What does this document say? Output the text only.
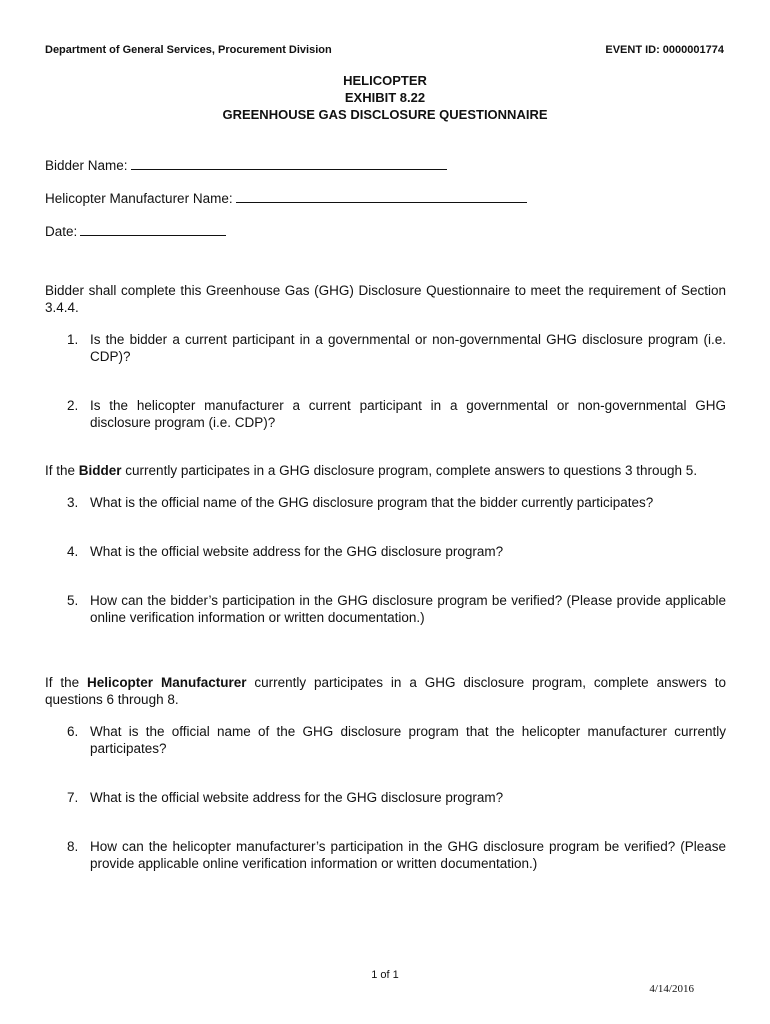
Department of General Services, Procurement Division	EVENT ID: 0000001774
HELICOPTER
EXHIBIT 8.22
GREENHOUSE GAS DISCLOSURE QUESTIONNAIRE
Bidder Name:
Helicopter Manufacturer Name:
Date:
Bidder shall complete this Greenhouse Gas (GHG) Disclosure Questionnaire to meet the requirement of Section 3.4.4.
1. Is the bidder a current participant in a governmental or non-governmental GHG disclosure program (i.e. CDP)?
2. Is the helicopter manufacturer a current participant in a governmental or non-governmental GHG disclosure program (i.e. CDP)?
If the Bidder currently participates in a GHG disclosure program, complete answers to questions 3 through 5.
3. What is the official name of the GHG disclosure program that the bidder currently participates?
4. What is the official website address for the GHG disclosure program?
5. How can the bidder’s participation in the GHG disclosure program be verified? (Please provide applicable online verification information or written documentation.)
If the Helicopter Manufacturer currently participates in a GHG disclosure program, complete answers to questions 6 through 8.
6. What is the official name of the GHG disclosure program that the helicopter manufacturer currently participates?
7. What is the official website address for the GHG disclosure program?
8. How can the helicopter manufacturer’s participation in the GHG disclosure program be verified? (Please provide applicable online verification information or written documentation.)
1 of 1
4/14/2016
